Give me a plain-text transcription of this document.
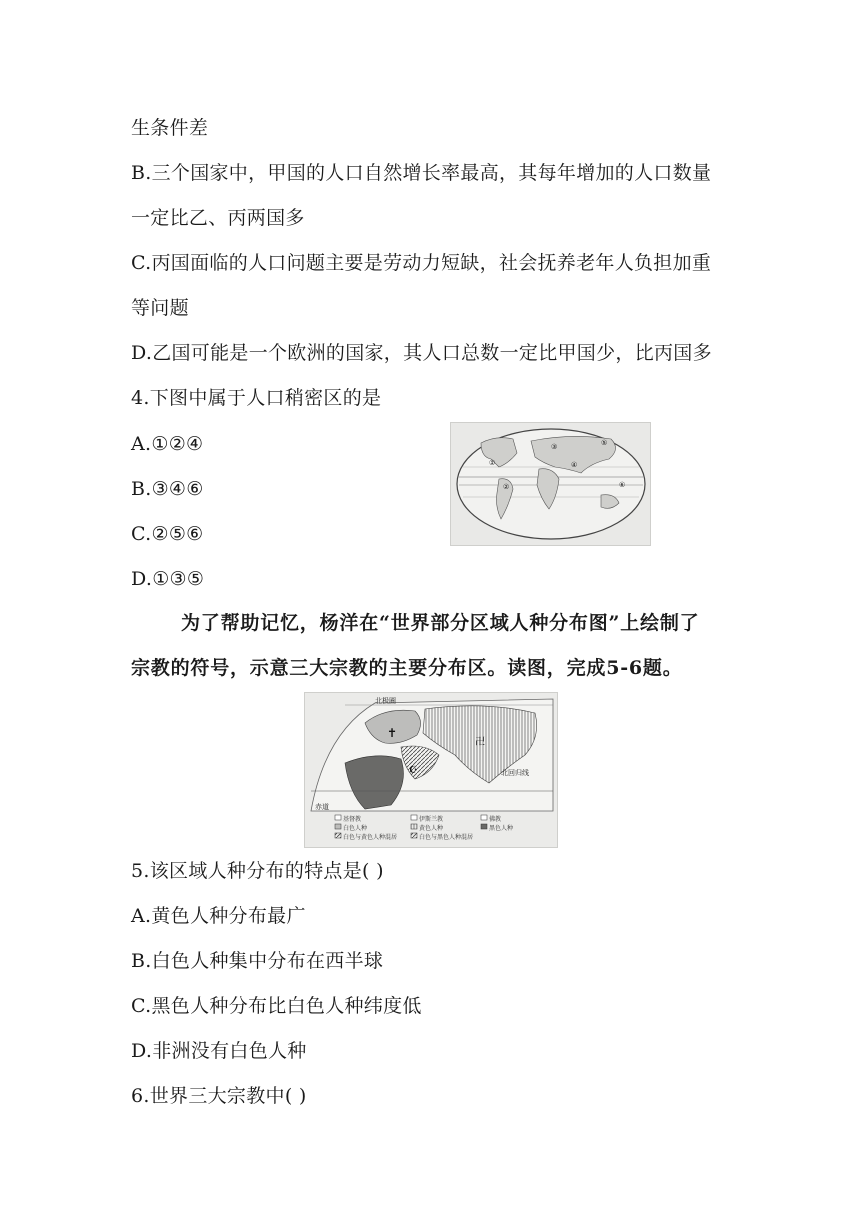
生条件差
B.三个国家中，甲国的人口自然增长率最高，其每年增加的人口数量
一定比乙、丙两国多
C.丙国面临的人口问题主要是劳动力短缺，社会抚养老年人负担加重
等问题
D.乙国可能是一个欧洲的国家，其人口总数一定比甲国少，比丙国多
4.下图中属于人口稍密区的是
A.①②④
B.③④⑥
C.②⑤⑥
D.①③⑤
①
②
③
④
⑤
⑥
为了帮助记忆，杨洋在“世界部分区域人种分布图”上绘制了
宗教的符号，示意三大宗教的主要分布区。读图，完成5-6题。
✝
☪
卍
北极圈
北回归线
赤道
基督教	伊斯兰教	佛教
白色人种	黄色人种	黑色人种
白色与黄色人种混居	白色与黑色人种混居
5.该区域人种分布的特点是( )
A.黄色人种分布最广
B.白色人种集中分布在西半球
C.黑色人种分布比白色人种纬度低
D.非洲没有白色人种
6.世界三大宗教中( )
